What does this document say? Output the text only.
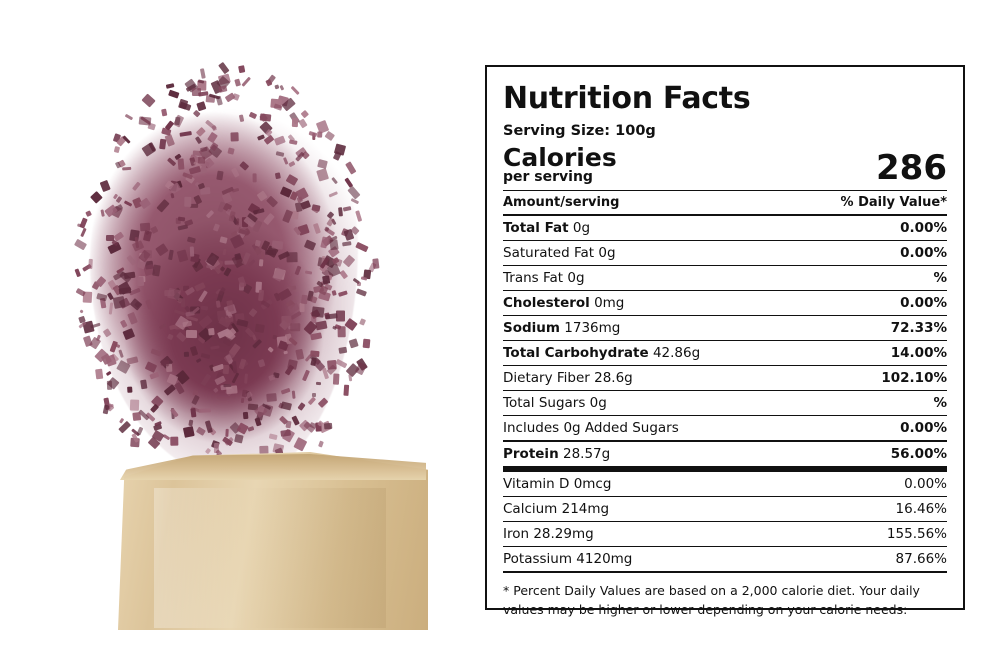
Nutrition Facts
Serving Size: 100g
Calories
per serving	286
Amount/serving	% Daily Value*
Total Fat 0g	0.00%
Saturated Fat 0g	0.00%
Trans Fat 0g	%
Cholesterol 0mg	0.00%
Sodium 1736mg	72.33%
Total Carbohydrate 42.86g	14.00%
Dietary Fiber 28.6g	102.10%
Total Sugars 0g	%
Includes 0g Added Sugars	0.00%
Protein 28.57g	56.00%
Vitamin D 0mcg	0.00%
Calcium 214mg	16.46%
Iron 28.29mg	155.56%
Potassium 4120mg	87.66%

* Percent Daily Values are based on a 2,000 calorie diet. Your daily values may be higher or lower depending on your calorie needs:
